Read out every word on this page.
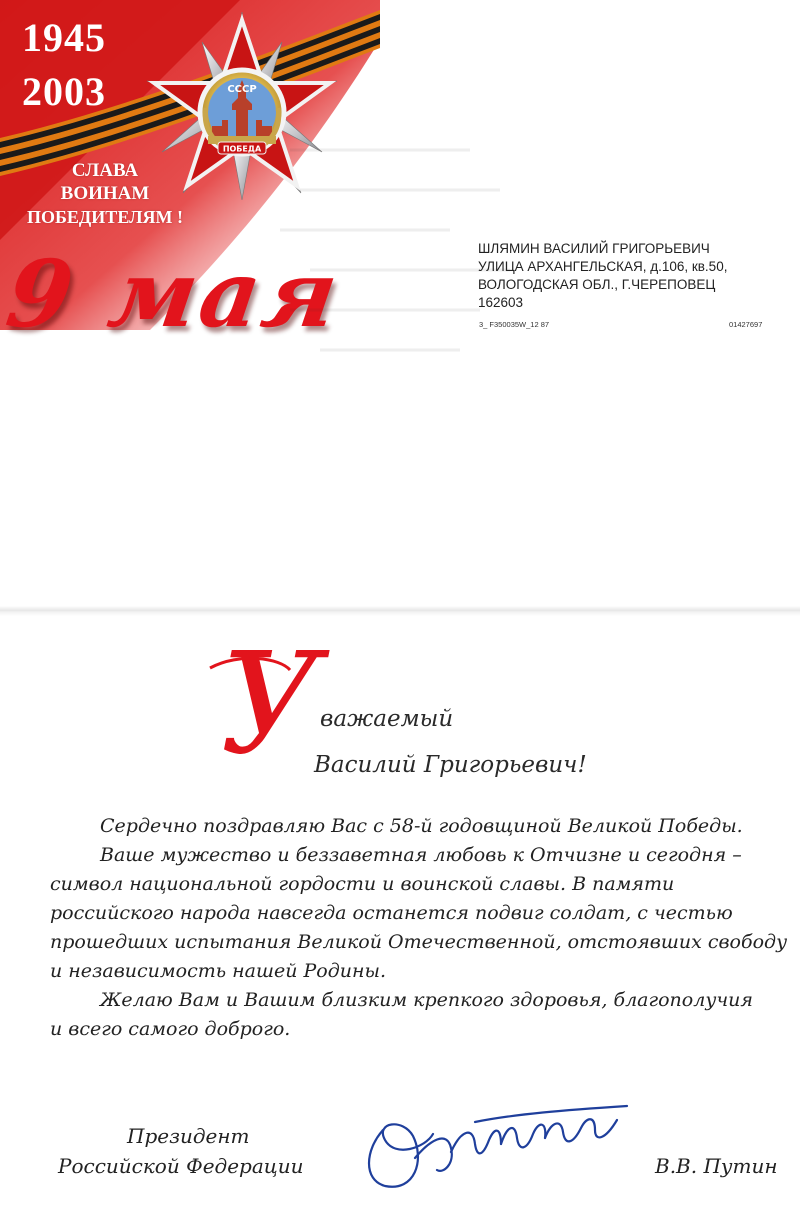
СССР
ПОБЕДА
1945
2003
СЛАВА
ВОИНАМ
ПОБЕДИТЕЛЯМ !
9 мая	ШЛЯМИН ВАСИЛИЙ ГРИГОРЬЕВИЧ
УЛИЦА АРХАНГЕЛЬСКАЯ, д.106, кв.50,
ВОЛОГОДСКАЯ ОБЛ., Г.ЧЕРЕПОВЕЦ
162603
3_ F350035W_12 87	01427697
У
важаемый
Василий Григорьевич!
Сердечно поздравляю Вас с 58-й годовщиной Великой Победы.
Ваше мужество и беззаветная любовь к Отчизне и сегодня –
символ национальной гордости и воинской славы. В памяти
российского народа навсегда останется подвиг солдат, с честью
прошедших испытания Великой Отечественной, отстоявших свободу
и независимость нашей Родины.
Желаю Вам и Вашим близким крепкого здоровья, благополучия
и всего самого доброго.
Президент
Российской Федерации	В.В. Путин
